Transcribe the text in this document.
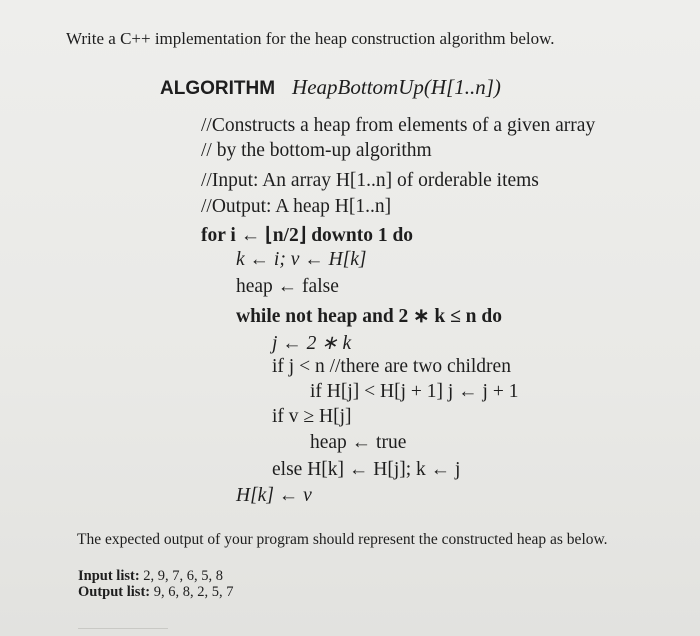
Write a C++ implementation for the heap construction algorithm below.
ALGORITHM HeapBottomUp(H[1..n])
//Constructs a heap from elements of a given array
// by the bottom-up algorithm
//Input: An array H[1..n] of orderable items
//Output: A heap H[1..n]
for i ← ⌊n/2⌋ downto 1 do
k ← i; v ← H[k]
heap ← false
while not heap and 2 ∗ k ≤ n do
j ← 2 ∗ k
if j < n //there are two children
if H[j] < H[j + 1] j ← j + 1
if v ≥ H[j]
heap ← true
else H[k] ← H[j]; k ← j
H[k] ← v
The expected output of your program should represent the constructed heap as below.
Input list: 2, 9, 7, 6, 5, 8
Output list: 9, 6, 8, 2, 5, 7
